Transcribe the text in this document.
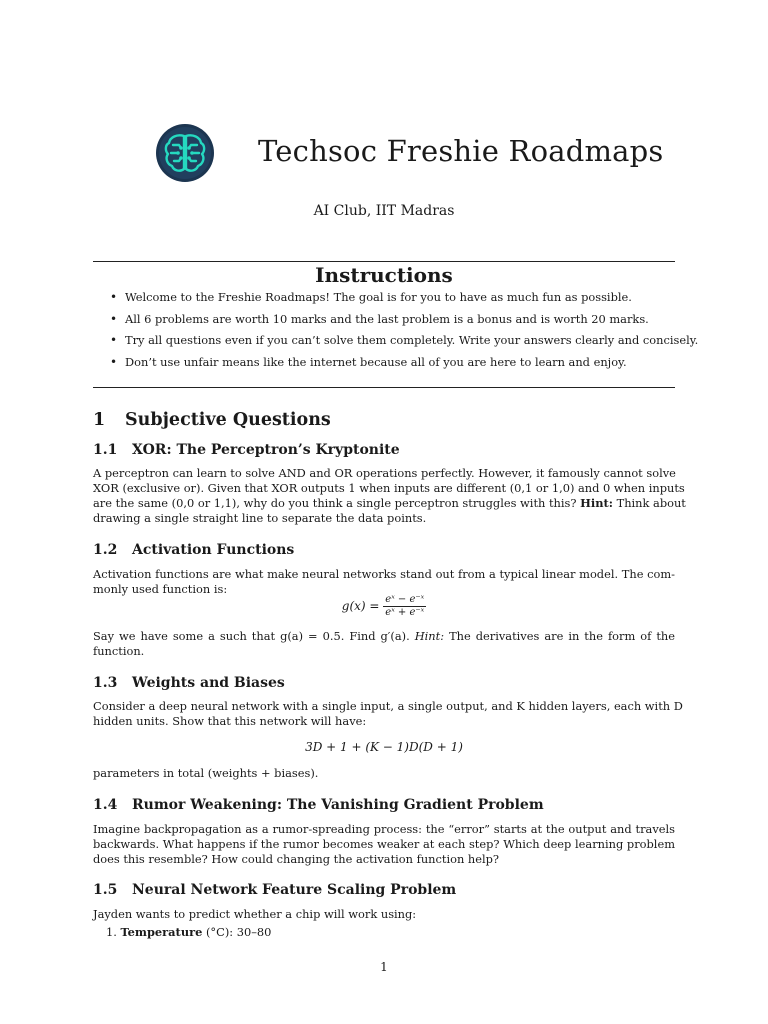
Techsoc Freshie Roadmaps
AI Club, IIT Madras
Instructions
• Welcome to the Freshie Roadmaps! The goal is for you to have as much fun as possible.
• All 6 problems are worth 10 marks and the last problem is a bonus and is worth 20 marks.
• Try all questions even if you can’t solve them completely. Write your answers clearly and concisely.
• Don’t use unfair means like the internet because all of you are here to learn and enjoy.
1 Subjective Questions
1.1 XOR: The Perceptron’s Kryptonite
A perceptron can learn to solve AND and OR operations perfectly. However, it famously cannot solve
XOR (exclusive or). Given that XOR outputs 1 when inputs are different (0,1 or 1,0) and 0 when inputs
are the same (0,0 or 1,1), why do you think a single perceptron struggles with this? Hint: Think about
drawing a single straight line to separate the data points.
1.2 Activation Functions
Activation functions are what make neural networks stand out from a typical linear model. The com-
monly used function is:
$g(x) = \frac{\text{eˣ − e⁻ˣ}}{\text{eˣ + e⁻ˣ}}$
Say we have some a such that g(a) = 0.5. Find g′(a). Hint: The derivatives are in the form of the
function.
1.3 Weights and Biases
Consider a deep neural network with a single input, a single output, and K hidden layers, each with D
hidden units. Show that this network will have:
3D + 1 + (K − 1)D(D + 1)
parameters in total (weights + biases).
1.4 Rumor Weakening: The Vanishing Gradient Problem
Imagine backpropagation as a rumor-spreading process: the “error” starts at the output and travels
backwards. What happens if the rumor becomes weaker at each step? Which deep learning problem
does this resemble? How could changing the activation function help?
1.5 Neural Network Feature Scaling Problem
Jayden wants to predict whether a chip will work using:
1. Temperature (°C): 30–80
1
